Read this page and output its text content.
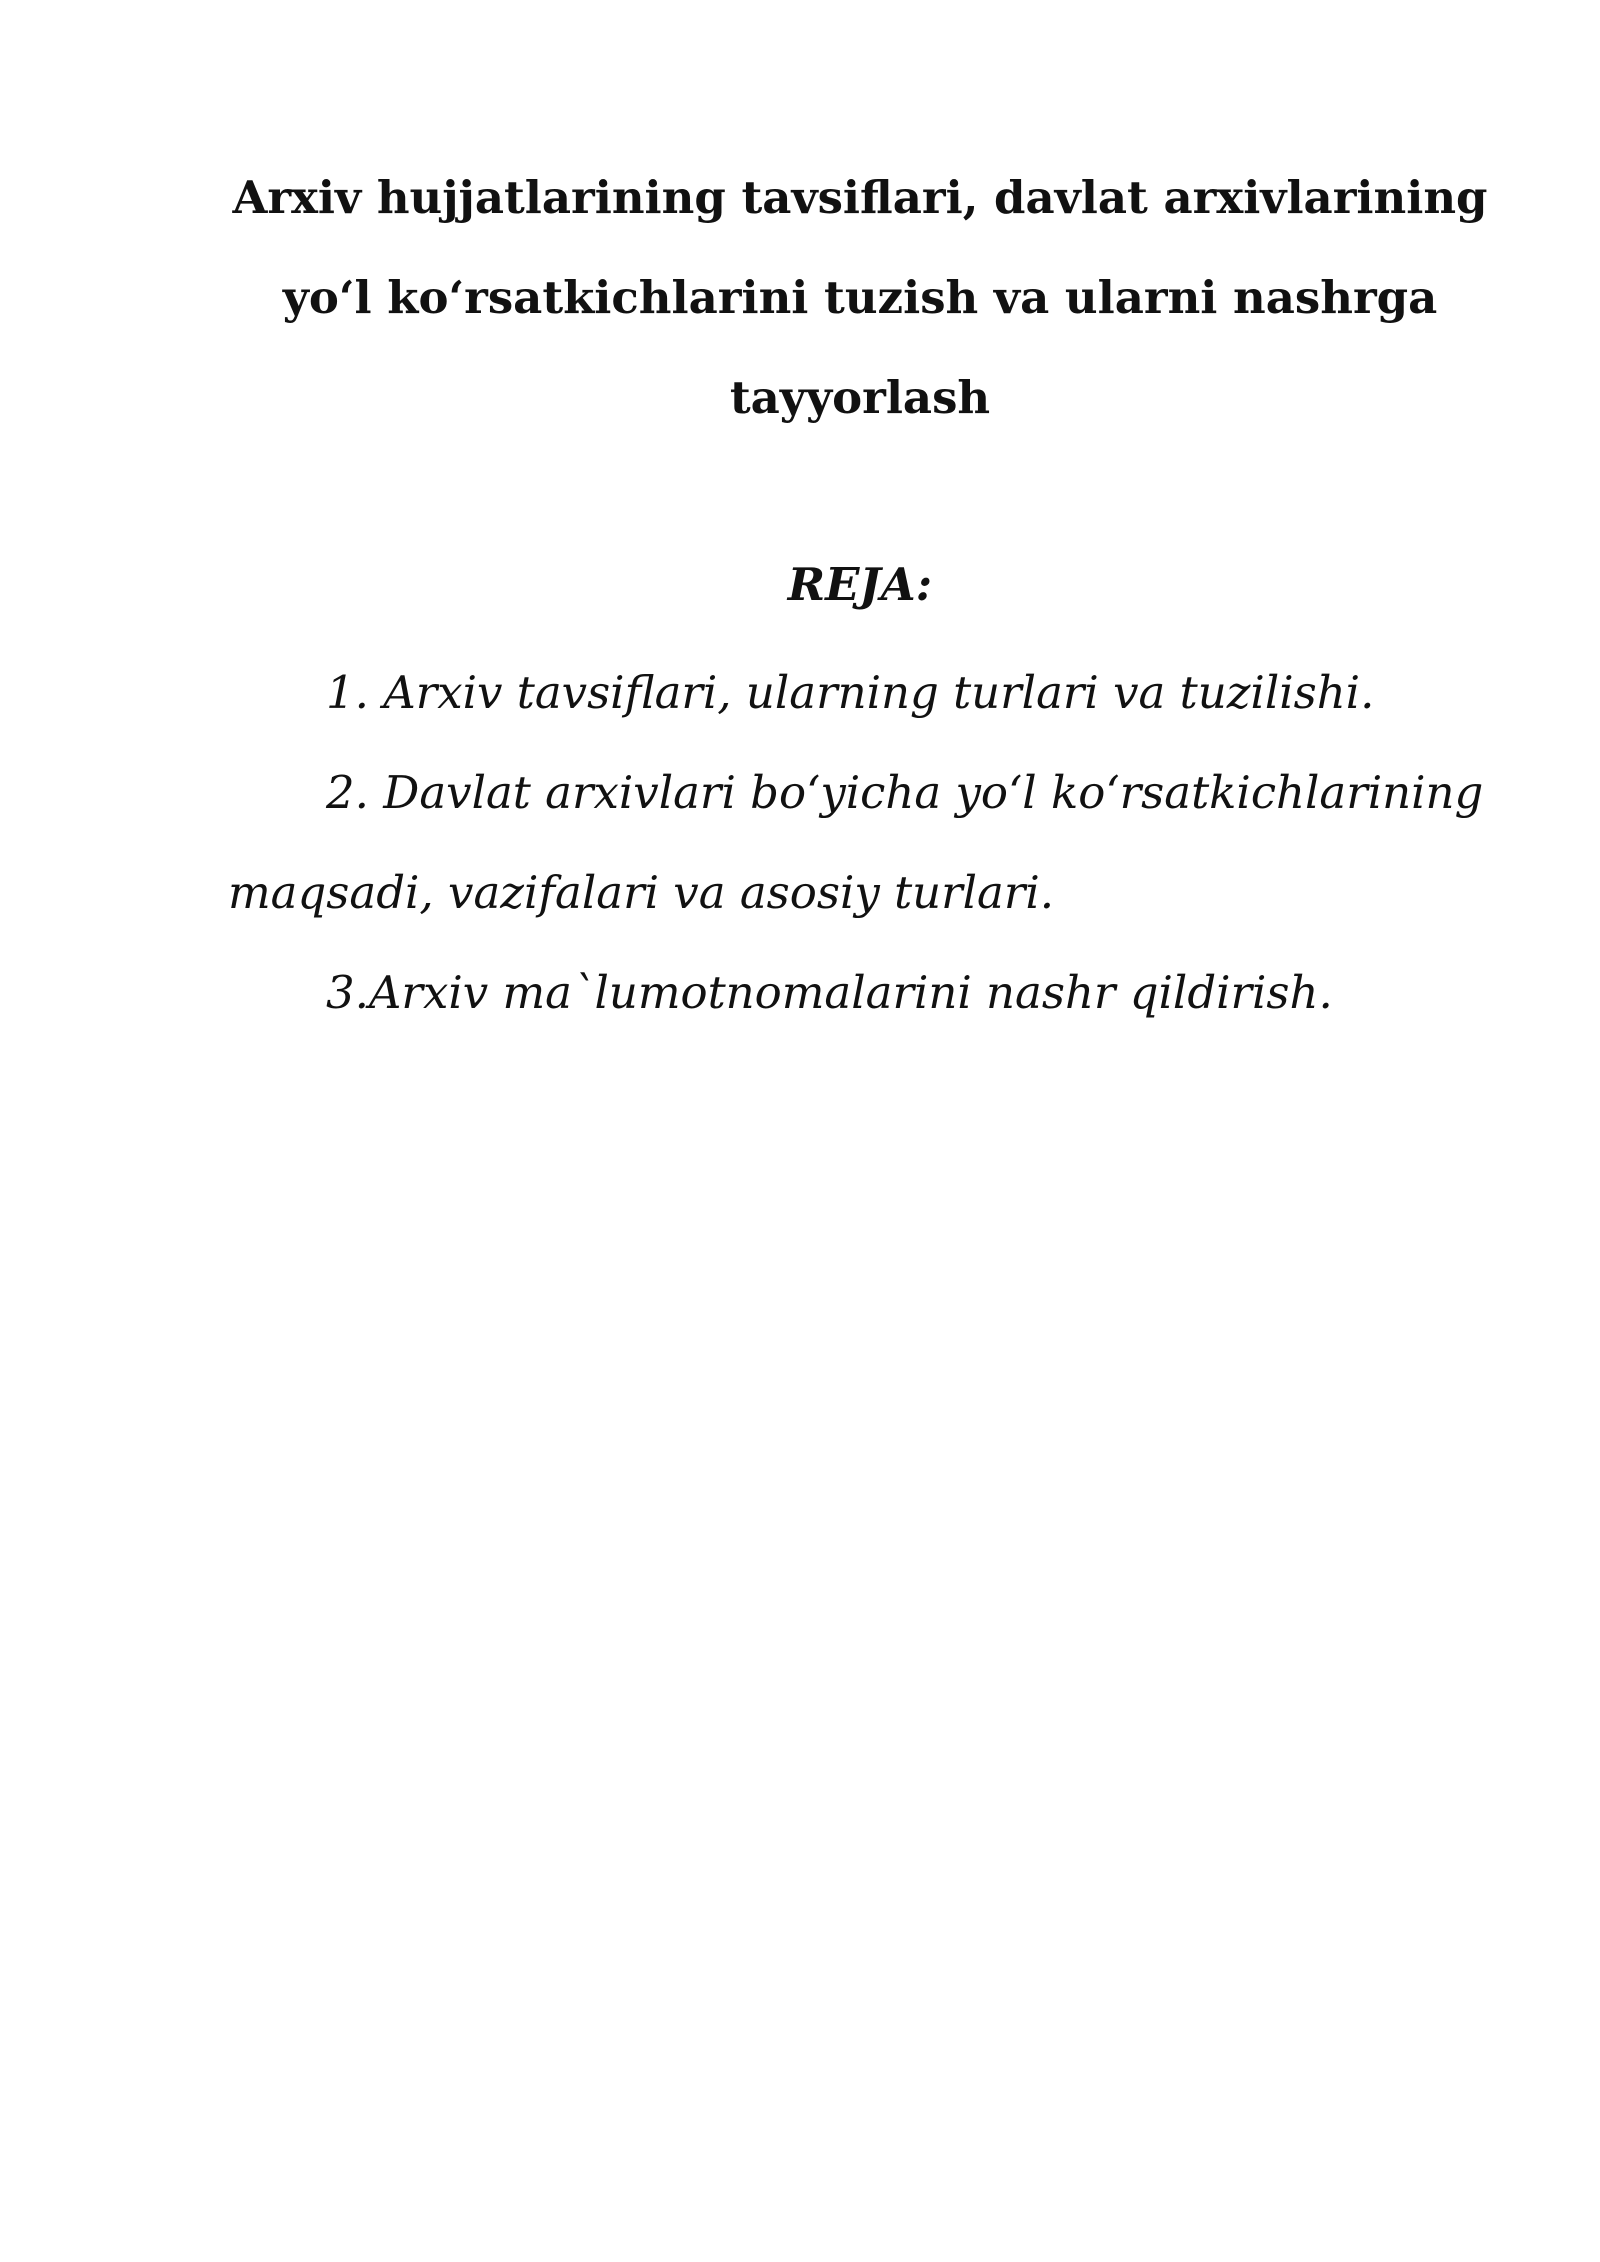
Arxiv hujjatlarining tavsiflari, davlat arxivlarining
yo‘l ko‘rsatkichlarini tuzish va ularni nashrga
tayyorlash
REJA:

1. Arxiv tavsiflari, ularning turlari va tuzilishi.

2. Davlat arxivlari bo‘yicha yo‘l ko‘rsatkichlarining maqsadi, vazifalari va asosiy turlari.

3.Arxiv ma`lumotnomalarini nashr qildirish.
